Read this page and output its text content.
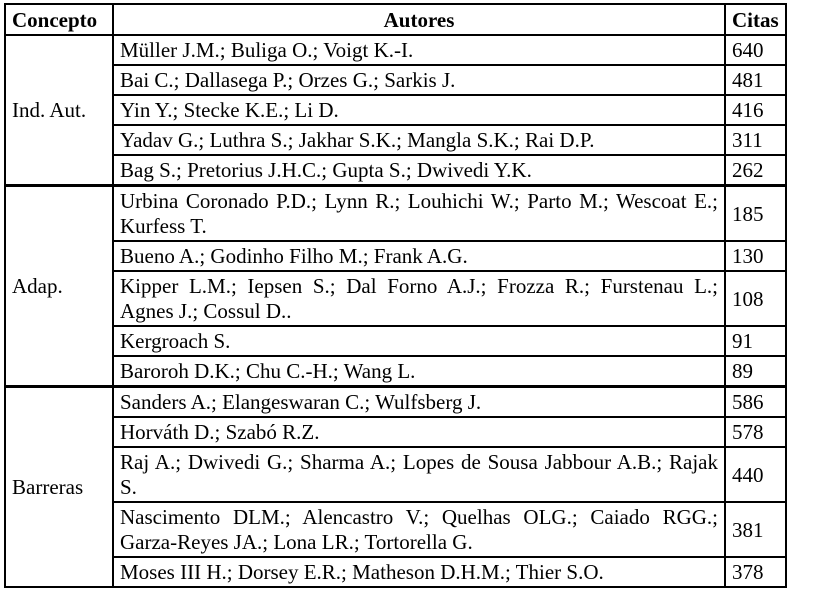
Concepto	Autores	Citas
Ind. Aut.	Müller J.M.; Buliga O.; Voigt K.-I.	640
	Bai C.; Dallasega P.; Orzes G.; Sarkis J.	481
	Yin Y.; Stecke K.E.; Li D.	416
	Yadav G.; Luthra S.; Jakhar S.K.; Mangla S.K.; Rai D.P.	311
	Bag S.; Pretorius J.H.C.; Gupta S.; Dwivedi Y.K.	262
Adap.	Urbina Coronado P.D.; Lynn R.; Louhichi W.; Parto M.; Wescoat E.; Kurfess T.	185
	Bueno A.; Godinho Filho M.; Frank A.G.	130
	Kipper L.M.; Iepsen S.; Dal Forno A.J.; Frozza R.; Furstenau L.; Agnes J.; Cossul D..	108
	Kergroach S.	91
	Baroroh D.K.; Chu C.-H.; Wang L.	89
Barreras	Sanders A.; Elangeswaran C.; Wulfsberg J.	586
	Horváth D.; Szabó R.Z.	578
	Raj A.; Dwivedi G.; Sharma A.; Lopes de Sousa Jabbour A.B.; Rajak S.	440
	Nascimento DLM.; Alencastro V.; Quelhas OLG.; Caiado RGG.; Garza-Reyes JA.; Lona LR.; Tortorella G.	381
	Moses III H.; Dorsey E.R.; Matheson D.H.M.; Thier S.O.	378
